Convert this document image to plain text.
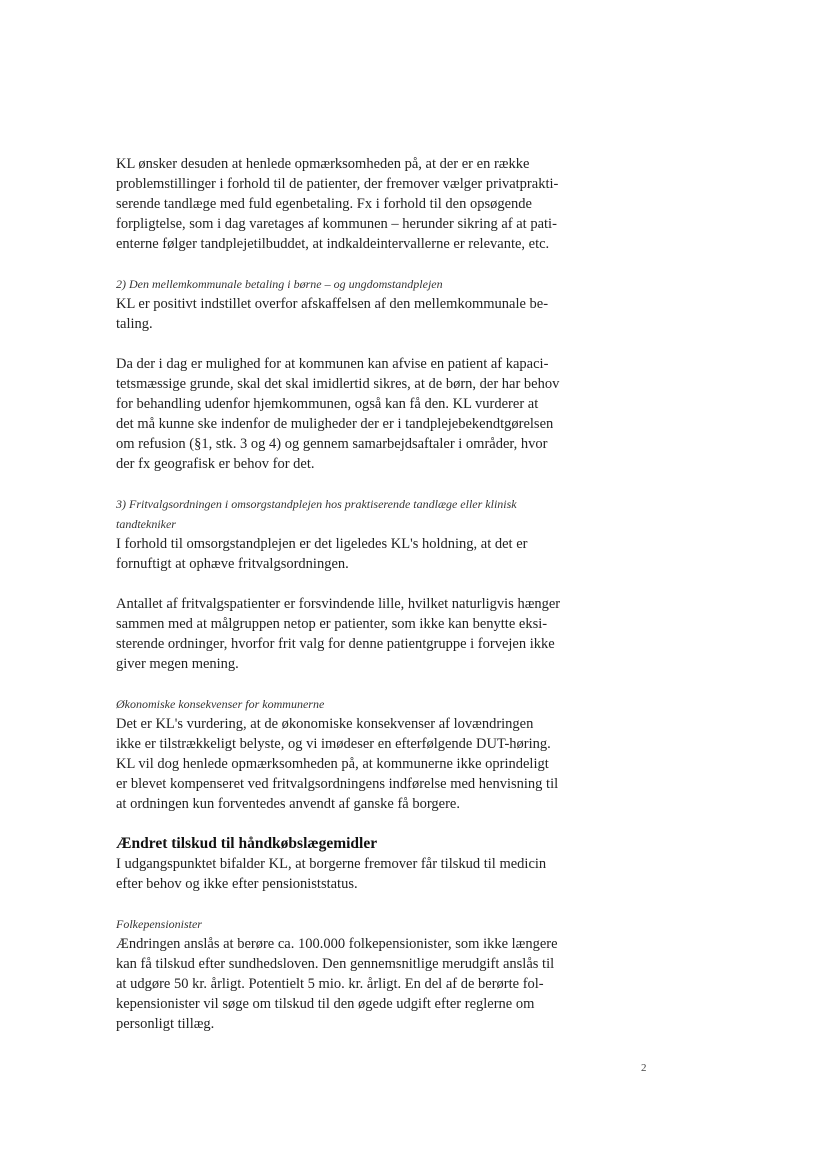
KL ønsker desuden at henlede opmærksomheden på, at der er en række
problemstillinger i forhold til de patienter, der fremover vælger privatprakti-
serende tandlæge med fuld egenbetaling. Fx i forhold til den opsøgende
forpligtelse, som i dag varetages af kommunen – herunder sikring af at pati-
enterne følger tandplejetilbuddet, at indkaldeintervallerne er relevante, etc.

2) Den mellemkommunale betaling i børne – og ungdomstandplejen
KL er positivt indstillet overfor afskaffelsen af den mellemkommunale be-
taling.

Da der i dag er mulighed for at kommunen kan afvise en patient af kapaci-
tetsmæssige grunde, skal det skal imidlertid sikres, at de børn, der har behov
for behandling udenfor hjemkommunen, også kan få den. KL vurderer at
det må kunne ske indenfor de muligheder der er i tandplejebekendtgørelsen
om refusion (§1, stk. 3 og 4) og gennem samarbejdsaftaler i områder, hvor
der fx geografisk er behov for det.

3) Fritvalgsordningen i omsorgstandplejen hos praktiserende tandlæge eller klinisk
tandtekniker
I forhold til omsorgstandplejen er det ligeledes KL's holdning, at det er
fornuftigt at ophæve fritvalgsordningen.

Antallet af fritvalgspatienter er forsvindende lille, hvilket naturligvis hænger
sammen med at målgruppen netop er patienter, som ikke kan benytte eksi-
sterende ordninger, hvorfor frit valg for denne patientgruppe i forvejen ikke
giver megen mening.

Økonomiske konsekvenser for kommunerne
Det er KL's vurdering, at de økonomiske konsekvenser af lovændringen
ikke er tilstrækkeligt belyste, og vi imødeser en efterfølgende DUT-høring.
KL vil dog henlede opmærksomheden på, at kommunerne ikke oprindeligt
er blevet kompenseret ved fritvalgsordningens indførelse med henvisning til
at ordningen kun forventedes anvendt af ganske få borgere.

Ændret tilskud til håndkøbslægemidler
I udgangspunktet bifalder KL, at borgerne fremover får tilskud til medicin
efter behov og ikke efter pensioniststatus.

Folkepensionister
Ændringen anslås at berøre ca. 100.000 folkepensionister, som ikke længere
kan få tilskud efter sundhedsloven. Den gennemsnitlige merudgift anslås til
at udgøre 50 kr. årligt. Potentielt 5 mio. kr. årligt. En del af de berørte fol-
kepensionister vil søge om tilskud til den øgede udgift efter reglerne om
personligt tillæg.

2
